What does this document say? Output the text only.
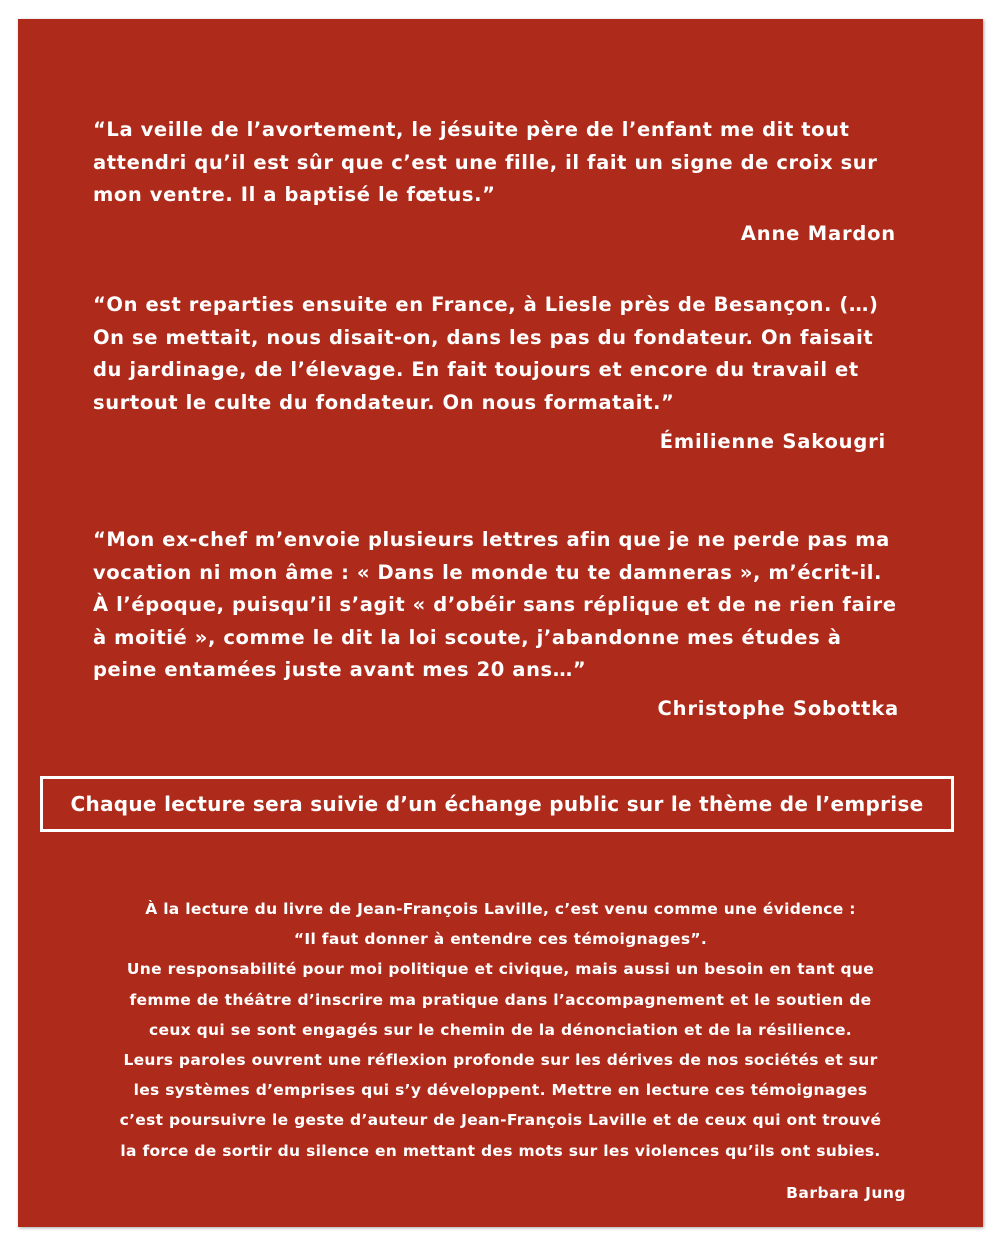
“La veille de l’avortement, le jésuite père de l’enfant me dit tout attendri qu’il est sûr que c’est une fille, il fait un signe de croix sur mon ventre. Il a baptisé le fœtus.”

Anne Mardon

“On est reparties ensuite en France, à Liesle près de Besançon. (…) On se mettait, nous disait-on, dans les pas du fondateur. On faisait du jardinage, de l’élevage. En fait toujours et encore du travail et surtout le culte du fondateur. On nous formatait.”

Émilienne Sakougri

“Mon ex-chef m’envoie plusieurs lettres afin que je ne perde pas ma vocation ni mon âme : « Dans le monde tu te damneras », m’écrit-il. À l’époque, puisqu’il s’agit « d’obéir sans réplique et de ne rien faire à moitié », comme le dit la loi scoute, j’abandonne mes études à peine entamées juste avant mes 20 ans…”

Christophe Sobottka
Chaque lecture sera suivie d’un échange public sur le thème de l’emprise

À la lecture du livre de Jean-François Laville, c’est venu comme une évidence :
“Il faut donner à entendre ces témoignages”.
Une responsabilité pour moi politique et civique, mais aussi un besoin en tant que
femme de théâtre d’inscrire ma pratique dans l’accompagnement et le soutien de
ceux qui se sont engagés sur le chemin de la dénonciation et de la résilience.
Leurs paroles ouvrent une réflexion profonde sur les dérives de nos sociétés et sur
les systèmes d’emprises qui s’y développent. Mettre en lecture ces témoignages
c’est poursuivre le geste d’auteur de Jean-François Laville et de ceux qui ont trouvé
la force de sortir du silence en mettant des mots sur les violences qu’ils ont subies.

Barbara Jung
